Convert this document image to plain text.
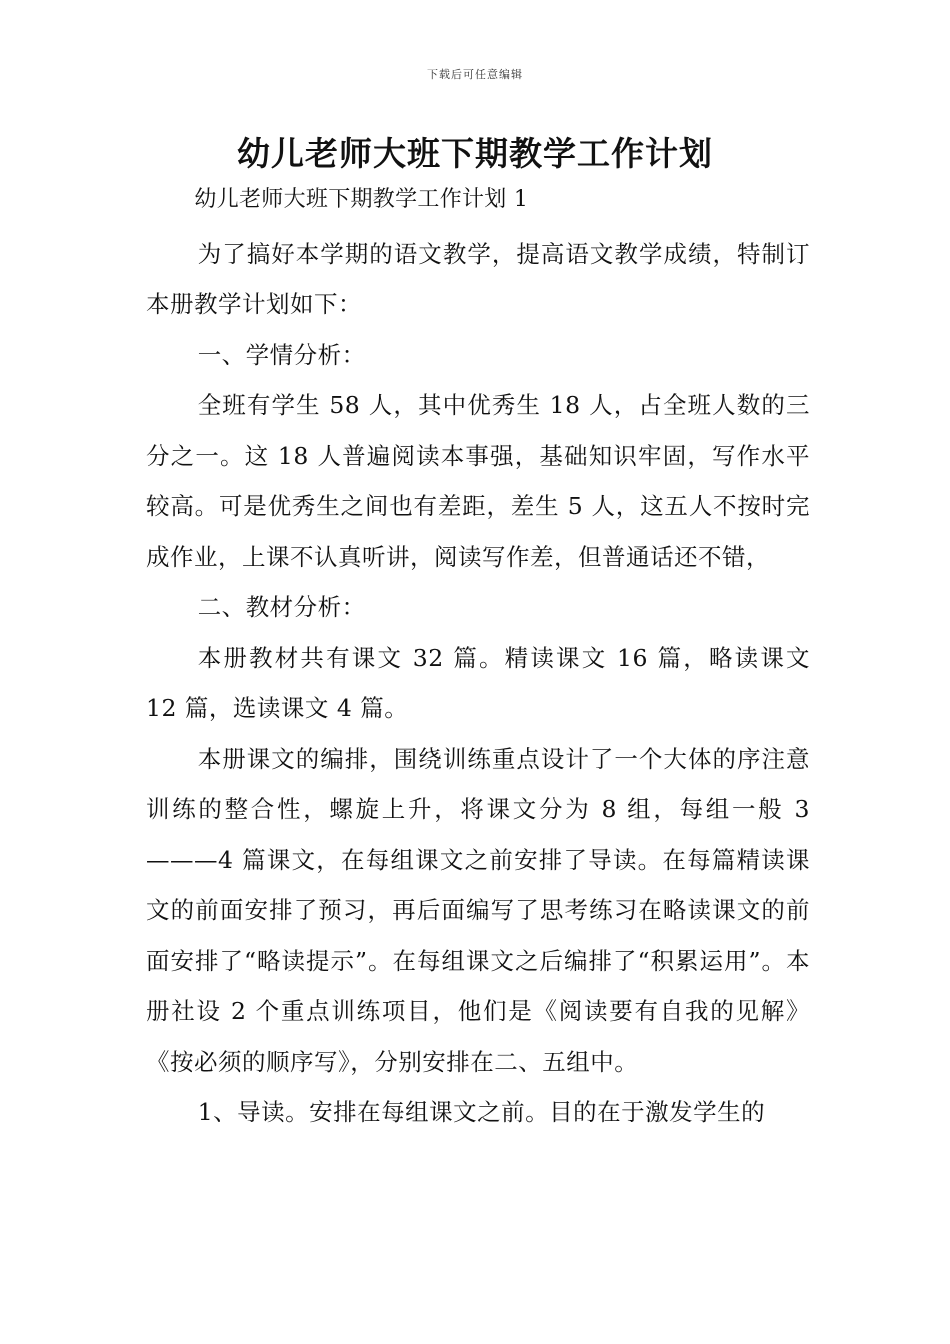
下载后可任意编辑
幼儿老师大班下期教学工作计划

幼儿老师大班下期教学工作计划 1

为了搞好本学期的语文教学，提高语文教学成绩，特制订本册教学计划如下：

一、学情分析：

全班有学生 58 人，其中优秀生 18 人，占全班人数的三分之一。这 18 人普遍阅读本事强，基础知识牢固，写作水平较高。可是优秀生之间也有差距，差生 5 人，这五人不按时完成作业，上课不认真听讲，阅读写作差，但普通话还不错，

二、教材分析：

本册教材共有课文 32 篇。精读课文 16 篇，略读课文 12 篇，选读课文 4 篇。

本册课文的编排，围绕训练重点设计了一个大体的序注意训练的整合性，螺旋上升，将课文分为 8 组，每组一般 3———4 篇课文，在每组课文之前安排了导读。在每篇精读课文的前面安排了预习，再后面编写了思考练习在略读课文的前面安排了“略读提示”。在每组课文之后编排了“积累运用”。本册社设 2 个重点训练项目，他们是《阅读要有自我的见解》《按必须的顺序写》，分别安排在二、五组中。

1、导读。安排在每组课文之前。目的在于激发学生的
